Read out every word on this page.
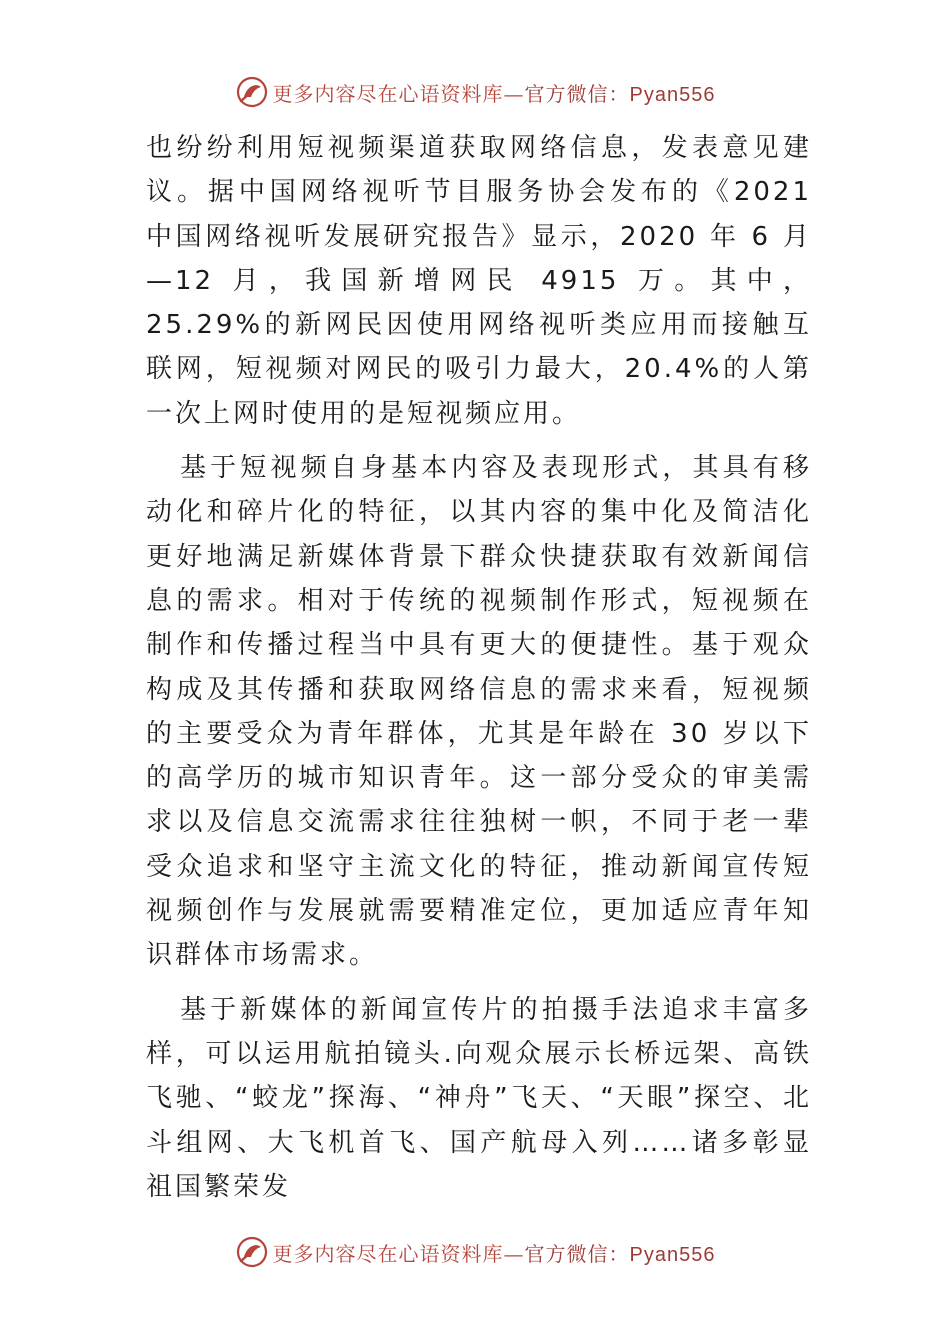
更多内容尽在心语资料库—官方微信：Pyan556

也纷纷利用短视频渠道获取网络信息，发表意见建议。据中国网络视听节目服务协会发布的《2021 中国网络视听发展研究报告》显示，2020 年 6 月—12 月，我国新增网民 4915 万。其中，25.29%的新网民因使用网络视听类应用而接触互联网，短视频对网民的吸引力最大，20.4%的人第一次上网时使用的是短视频应用。

基于短视频自身基本内容及表现形式，其具有移动化和碎片化的特征，以其内容的集中化及简洁化更好地满足新媒体背景下群众快捷获取有效新闻信息的需求。相对于传统的视频制作形式，短视频在制作和传播过程当中具有更大的便捷性。基于观众构成及其传播和获取网络信息的需求来看，短视频的主要受众为青年群体，尤其是年龄在 30 岁以下的高学历的城市知识青年。这一部分受众的审美需求以及信息交流需求往往独树一帜，不同于老一辈受众追求和坚守主流文化的特征，推动新闻宣传短视频创作与发展就需要精准定位，更加适应青年知识群体市场需求。

基于新媒体的新闻宣传片的拍摄手法追求丰富多样，可以运用航拍镜头.向观众展示长桥远架、高铁飞驰、“蛟龙”探海、“神舟”飞天、“天眼”探空、北斗组网、大飞机首飞、国产航母入列……诸多彰显祖国繁荣发

更多内容尽在心语资料库—官方微信：Pyan556
